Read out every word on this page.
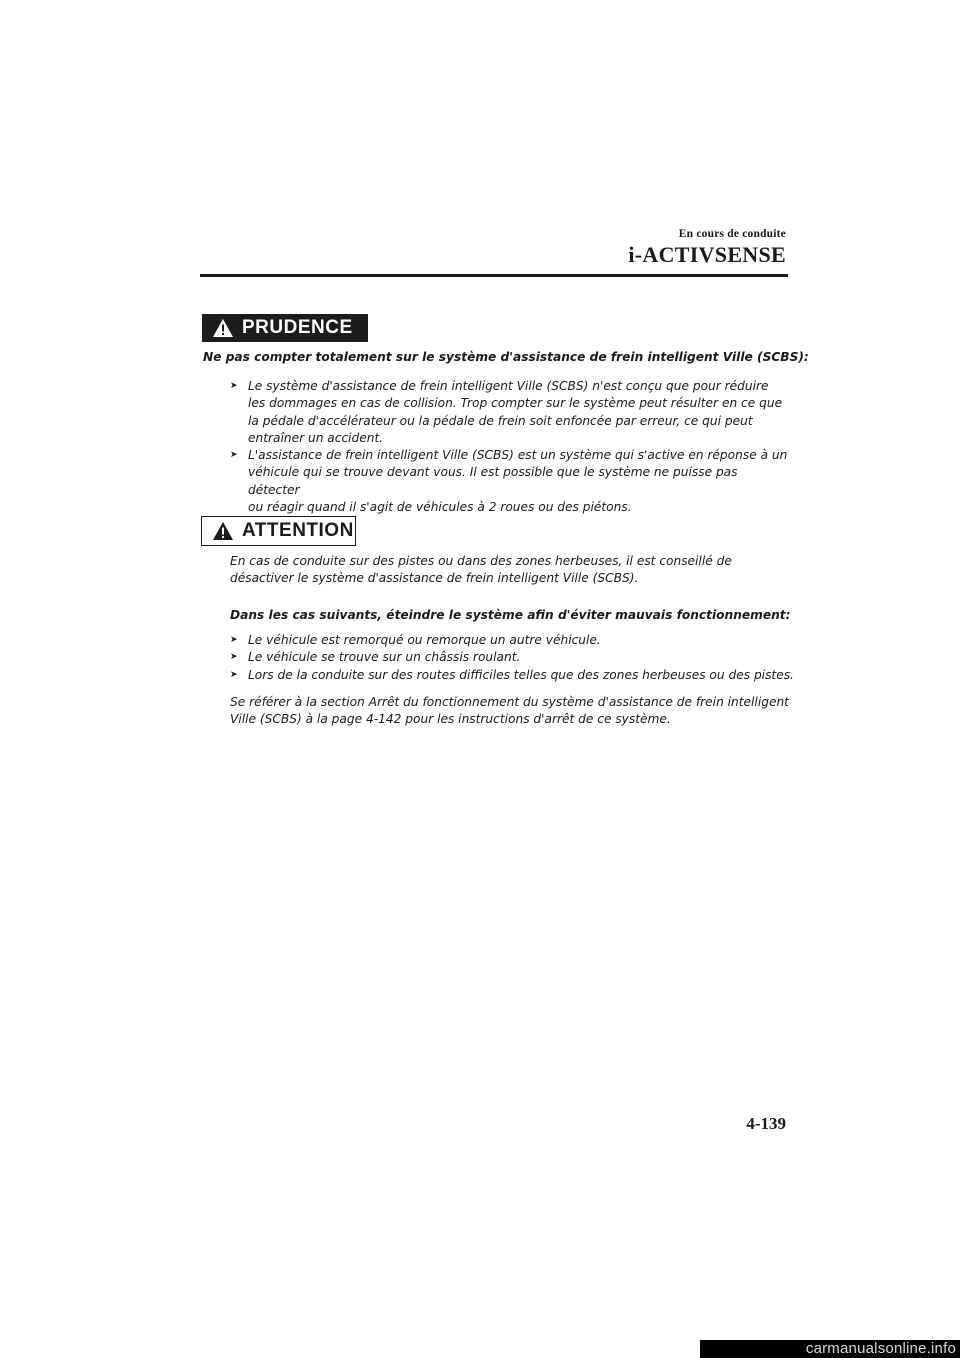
En cours de conduite
i-ACTIVSENSE
PRUDENCE
Ne pas compter totalement sur le système d'assistance de frein intelligent Ville (SCBS):
➤ Le système d'assistance de frein intelligent Ville (SCBS) n'est conçu que pour réduire
les dommages en cas de collision. Trop compter sur le système peut résulter en ce que
la pédale d'accélérateur ou la pédale de frein soit enfoncée par erreur, ce qui peut
entraîner un accident.
➤ L'assistance de frein intelligent Ville (SCBS) est un système qui s'active en réponse à un
véhicule qui se trouve devant vous. Il est possible que le système ne puisse pas détecter
ou réagir quand il s'agit de véhicules à 2 roues ou des piétons.
ATTENTION
En cas de conduite sur des pistes ou dans des zones herbeuses, il est conseillé de
désactiver le système d'assistance de frein intelligent Ville (SCBS).
Dans les cas suivants, éteindre le système afin d'éviter mauvais fonctionnement:
➤ Le véhicule est remorqué ou remorque un autre véhicule.
➤ Le véhicule se trouve sur un châssis roulant.
➤ Lors de la conduite sur des routes difficiles telles que des zones herbeuses ou des pistes.
Se référer à la section Arrêt du fonctionnement du système d'assistance de frein intelligent
Ville (SCBS) à la page 4-142 pour les instructions d'arrêt de ce système.
4-139
carmanualsonline.info
